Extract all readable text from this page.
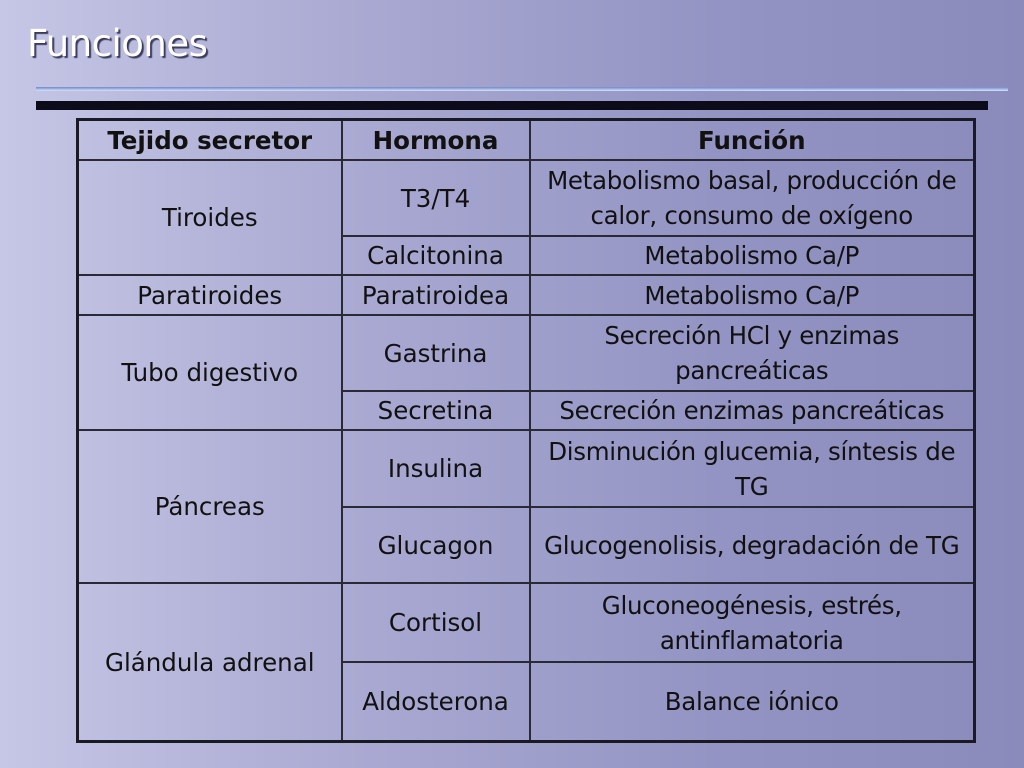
Funciones
Tejido secretor	Hormona	Función
Tiroides	T3/T4	Metabolismo basal, producción de calor, consumo de oxígeno
	Calcitonina	Metabolismo Ca/P
Paratiroides	Paratiroidea	Metabolismo Ca/P
Tubo digestivo	Gastrina	Secreción HCl y enzimas pancreáticas
	Secretina	Secreción enzimas pancreáticas
Páncreas	Insulina	Disminución glucemia, síntesis de TG
	Glucagon	Glucogenolisis, degradación de TG
Glándula adrenal	Cortisol	Gluconeogénesis, estrés, antinflamatoria
	Aldosterona	Balance iónico
